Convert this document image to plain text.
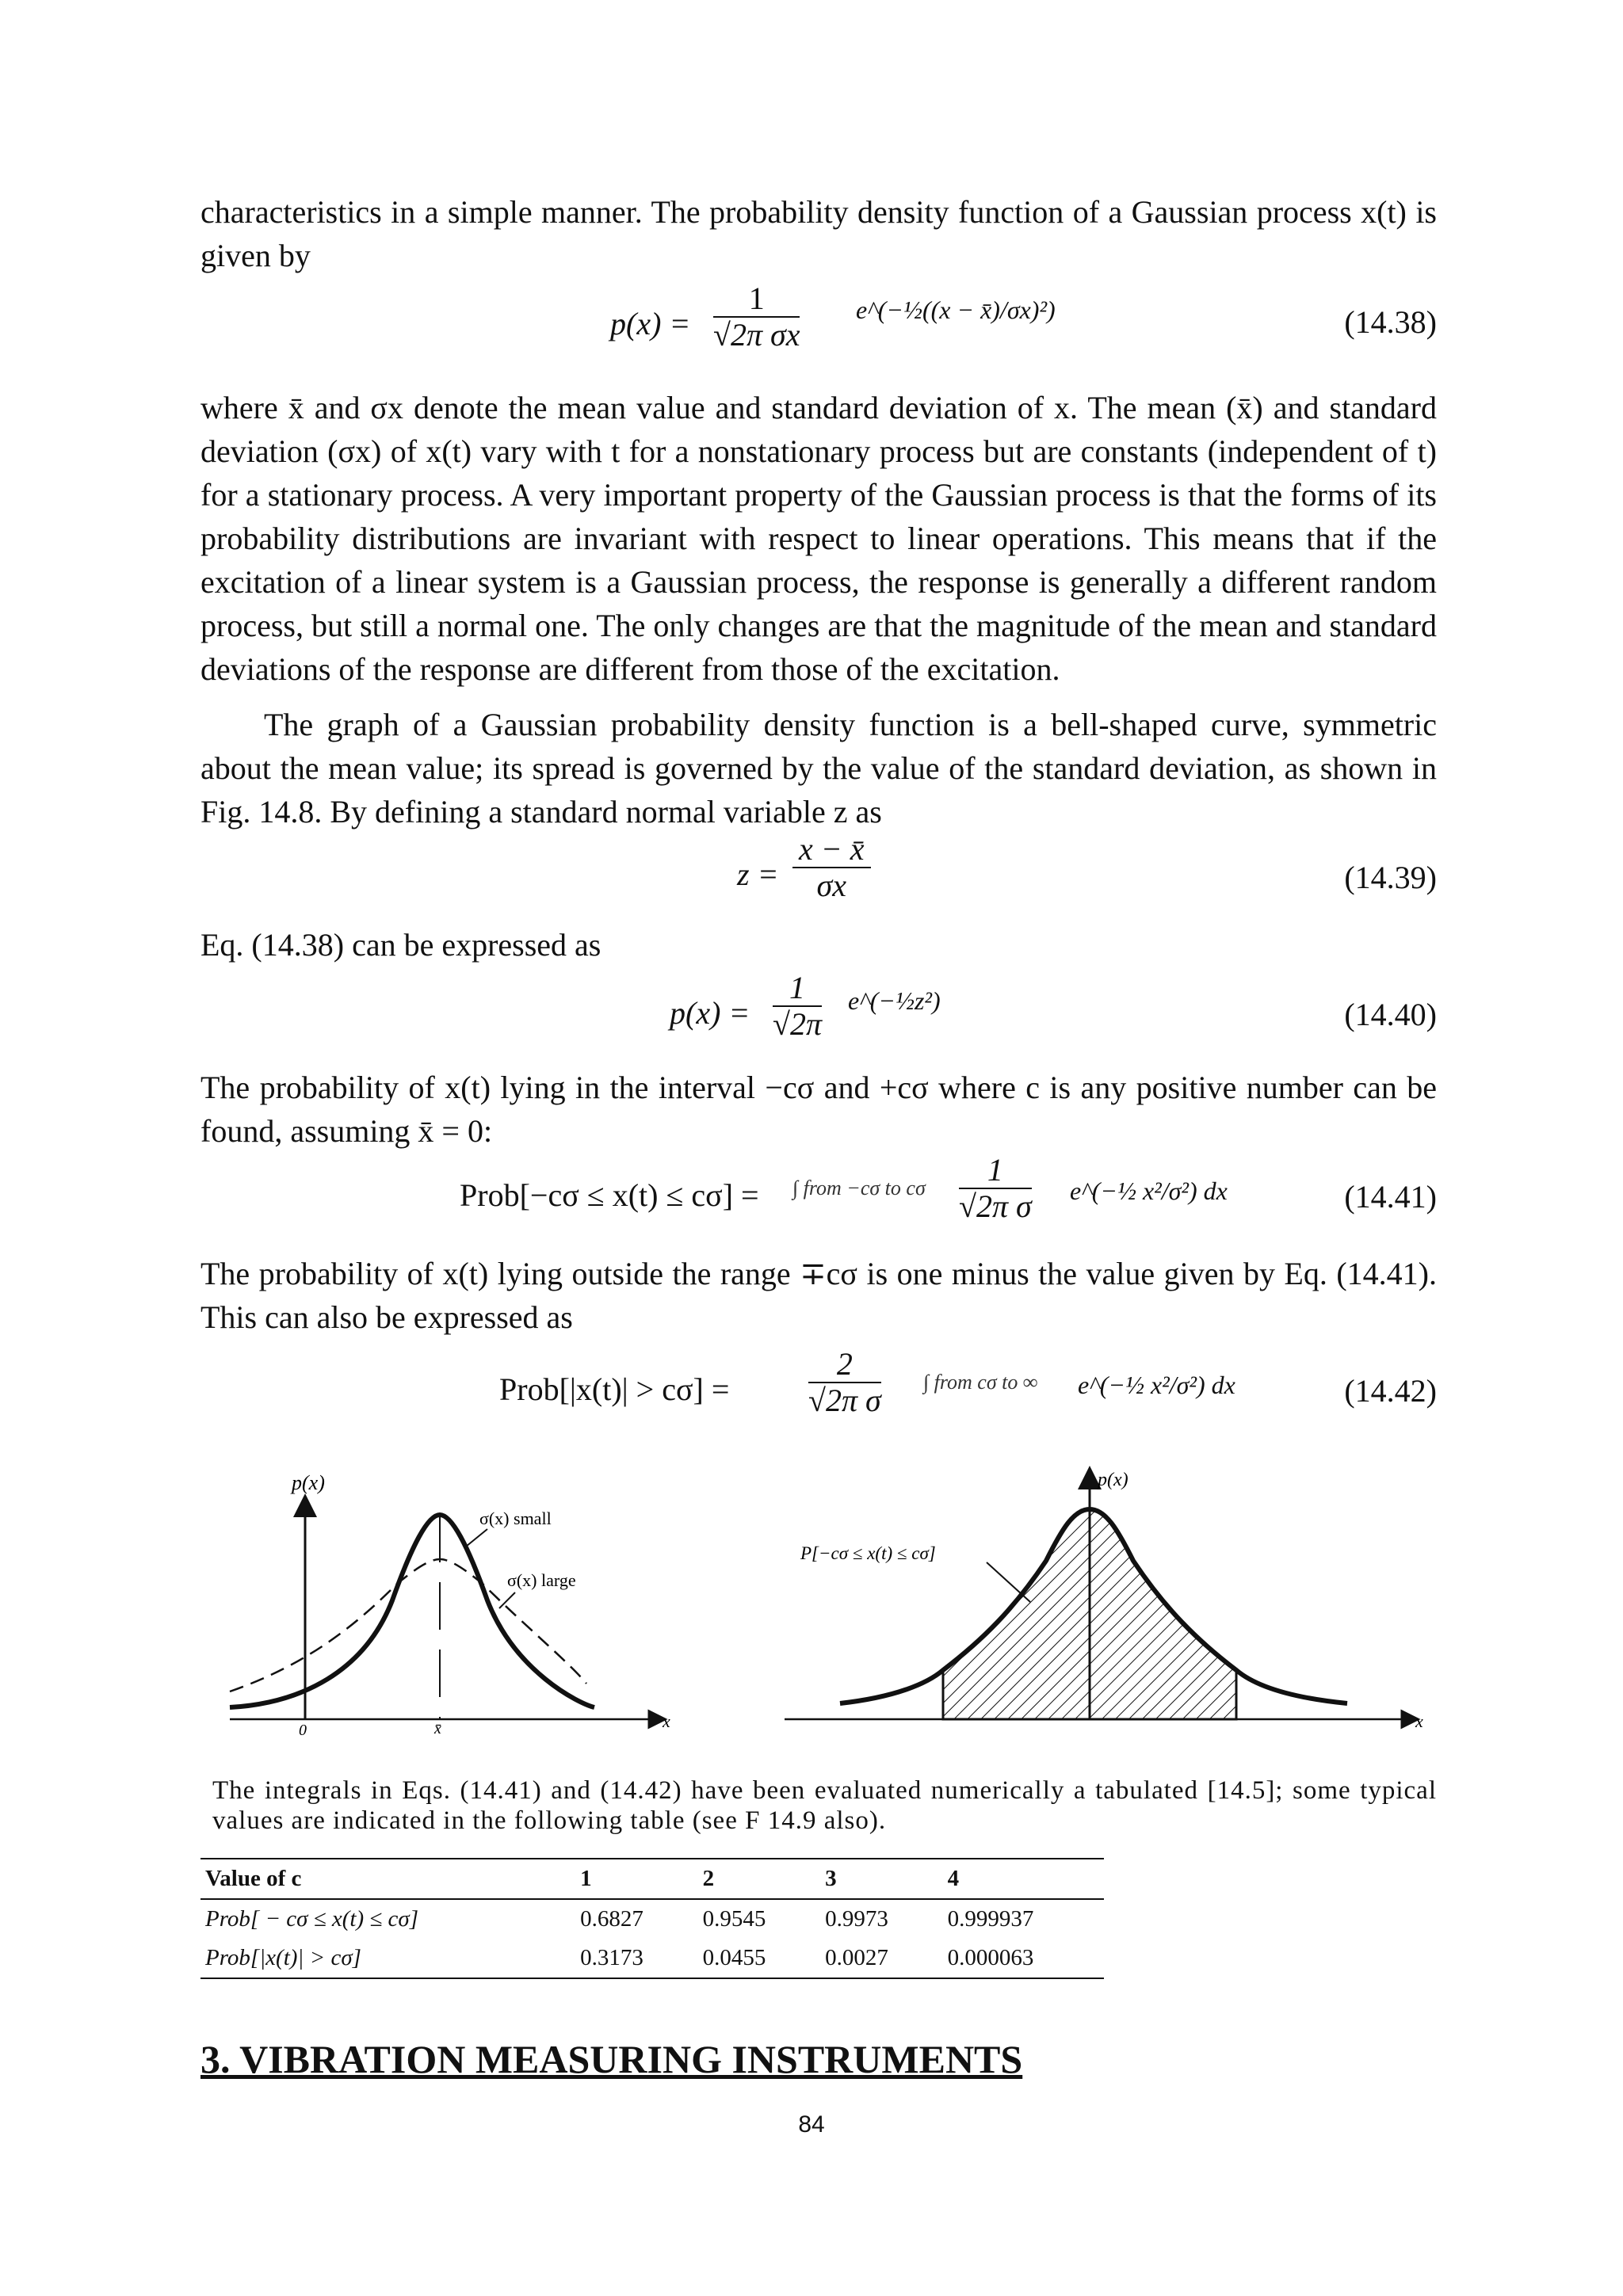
characteristics in a simple manner. The probability density function of a Gaussian process x(t) is given by

$p(x) = \frac{1}{\text{√2π σx}}$ e^(−½((x − x̄)/σx)²)	(14.38)

where x̄ and σx denote the mean value and standard deviation of x. The mean (x̄) and standard deviation (σx) of x(t) vary with t for a nonstationary process but are constants (independent of t) for a stationary process. A very important property of the Gaussian process is that the forms of its probability distributions are invariant with respect to linear operations. This means that if the excitation of a linear system is a Gaussian process, the response is generally a different random process, but still a normal one. The only changes are that the magnitude of the mean and standard deviations of the response are different from those of the excitation.

The graph of a Gaussian probability density function is a bell-shaped curve, symmetric about the mean value; its spread is governed by the value of the standard deviation, as shown in Fig. 14.8. By defining a standard normal variable z as

$z = \frac{x - x̄}{\sigma x}$	(14.39)

Eq. (14.38) can be expressed as

$p(x) = \frac{1}{√2\pi}$ e^(−½z²)	(14.40)

The probability of x(t) lying in the interval −cσ and +cσ where c is any positive number can be found, assuming x̄ = 0:

Prob[−cσ ≤ x(t) ≤ cσ] = ∫ from −cσ to cσ $\frac{1}{\text{√2π σ}}$ e^(−½ x²/σ²) dx	(14.41)

The probability of x(t) lying outside the range ∓cσ is one minus the value given by Eq. (14.41). This can also be expressed as

Prob[|x(t)| > $c\sigma] = \frac{2}{\text{√2π σ}}$ ∫ from cσ to ∞ e^(−½ x²/σ²) dx	(14.42)
p(x)
x
σ(x) small
σ(x) large
0	x̄	x
p(x)
P[−cσ ≤ x(t) ≤ cσ]

The integrals in Eqs. (14.41) and (14.42) have been evaluated numerically a tabulated [14.5]; some typical values are indicated in the following table (see F 14.9 also).

Value of c	1	2	3	4
Prob[ − cσ ≤ x(t) ≤ cσ]	0.6827	0.9545	0.9973	0.999937
Prob[|x(t)| > cσ]	0.3173	0.0455	0.0027	0.000063
3. VIBRATION MEASURING INSTRUMENTS
84
